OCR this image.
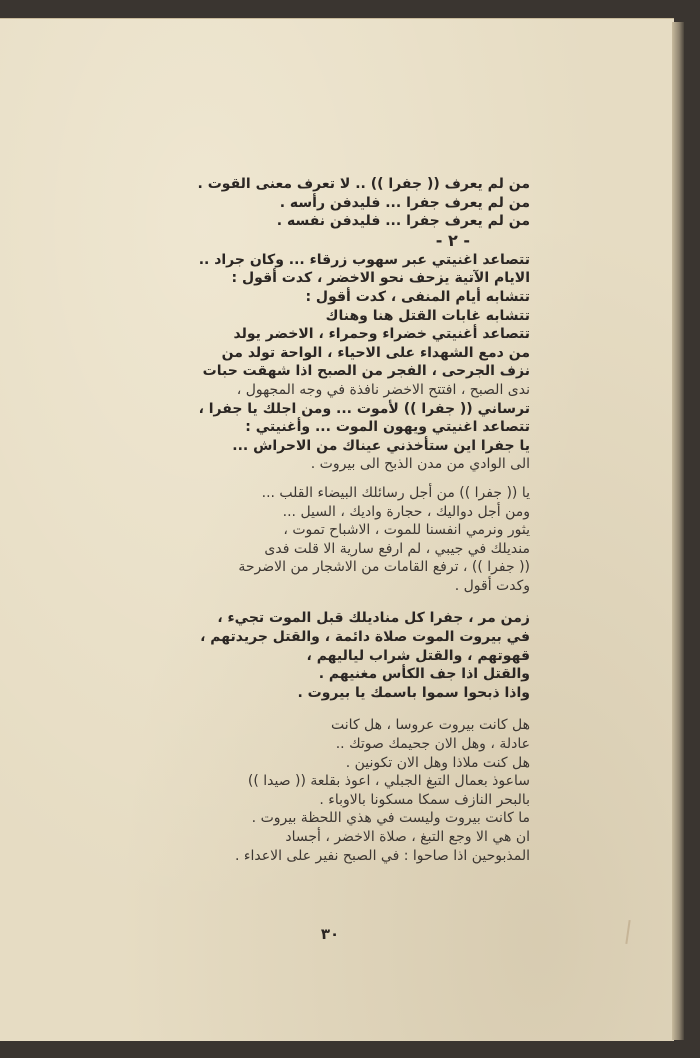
من لم يعرف (( جفرا )) .. لا تعرف معنى القوت .
من لم يعرف جفرا ... فليدفن رأسه .
من لم يعرف جفرا ... فليدفن نفسه .
- ٢ -
تتصاعد اغنيتي عبر سهوب زرقاء ... وكان جراد ..
الايام الآتية يزحف نحو الاخضر ، كدت أقول :
تتشابه أيام المنفى ، كدت أقول :
تتشابه غابات القتل هنا وهناك
تتصاعد أغنيتي خضراء وحمراء ، الاخضر يولد
من دمع الشهداء على الاحياء ، الواحة تولد من
نزف الجرحى ، الفجر من الصبح اذا شهقت حبات
ندى الصبح ، افتتح الاخضر نافذة في وجه المجهول ،
ترساني (( جفرا )) لأموت ... ومن اجلك يا جفرا ،
تتصاعد اغنيتي ويهون الموت ... وأغنيتي :
يا جفرا اين ستأخذني عيناك من الاحراش ...
الى الوادي من مدن الذبح الى بيروت .
يا (( جفرا )) من أجل رسائلك البيضاء القلب ...
ومن أجل دواليك ، حجارة واديك ، السيل ...
يثور ونرمي انفسنا للموت ، الاشباح تموت ،
منديلك في جيبي ، لم ارفع سارية الا قلت فدى
(( جفرا )) ، ترفع القامات من الاشجار من الاضرحة
وكدت أقول .
زمن مر ، جفرا كل مناديلك قبل الموت تجيء ،
في بيروت الموت صلاة دائمة ، والقتل جريدتهم ،
قهوتهم ، والقتل شراب لياليهم ،
والقتل اذا جف الكأس مغنيهم .
واذا ذبحوا سموا باسمك يا بيروت .
هل كانت بيروت عروسا ، هل كانت
عادلة ، وهل الان جحيمك صوتك ..
هل كنت ملاذا وهل الان تكونين .
ساعوذ بعمال التبغ الجبلي ، اعوذ بقلعة (( صيدا ))
بالبحر النازف سمكا مسكونا بالاوباء .
ما كانت بيروت وليست في هذي اللحظة بيروت .
ان هي الا وجع التبغ ، صلاة الاخضر ، أجساد
المذبوحين اذا صاحوا : في الصبح نفير على الاعداء .
٣٠
